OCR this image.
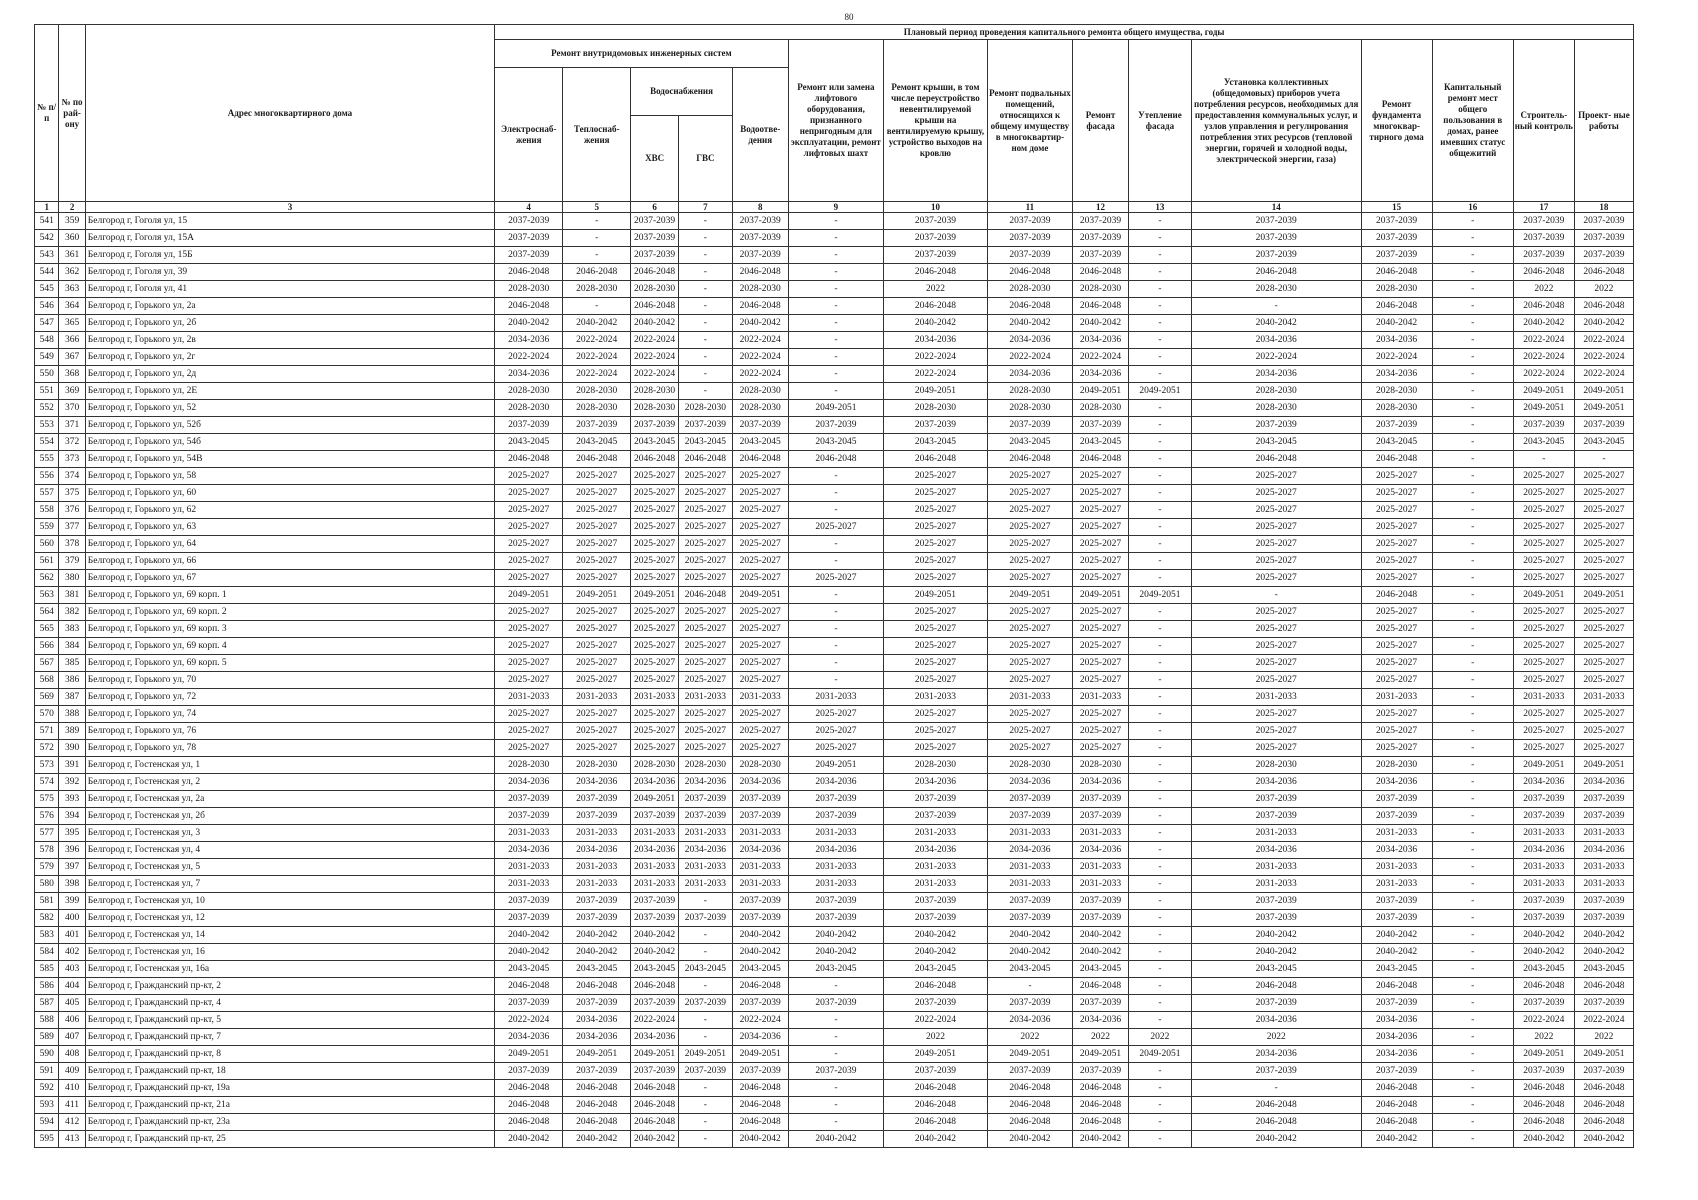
80
№ п/п	№ по рай- ону	Адрес многоквартирного дома	Плановый период проведения капитального ремонта общего имущества, годы														
			Ремонт внутридомовых инженерных систем					Ремонт или замена лифтового оборудования, признанного непригодным для эксплуатации, ремонт лифтовых шахт	Ремонт крыши, в том числе переустройство невентилируемой крыши на вентилируемую крышу, устройство выходов на кровлю	Ремонт подвальных помещений, относящихся к общему имуществу в многоквартир- ном доме	Ремонт фасада	Утепление фасада	Установка коллективных (общедомовых) приборов учета потребления ресурсов, необходимых для предоставления коммунальных услуг, и узлов управления и регулирования потребления этих ресурсов (тепловой энергии, горячей и холодной воды, электрической энергии, газа)	Ремонт фундамента многоквар- тирного дома	Капитальный ремонт мест общего пользования в домах, ранее имевших статус общежитий	Строитель- ный контроль	Проект- ные работы
			Электроснаб- жения	Теплоснаб- жения	Водоснабжения		Водоотве- дения										
					ХВС	ГВС											
1	2	3	4	5	6	7	8	9	10	11	12	13	14	15	16	17	18
541	359	Белгород г, Гоголя ул, 15	2037-2039	-	2037-2039	-	2037-2039	-	2037-2039	2037-2039	2037-2039	-	2037-2039	2037-2039	-	2037-2039	2037-2039
542	360	Белгород г, Гоголя ул, 15А	2037-2039	-	2037-2039	-	2037-2039	-	2037-2039	2037-2039	2037-2039	-	2037-2039	2037-2039	-	2037-2039	2037-2039
543	361	Белгород г, Гоголя ул, 15Б	2037-2039	-	2037-2039	-	2037-2039	-	2037-2039	2037-2039	2037-2039	-	2037-2039	2037-2039	-	2037-2039	2037-2039
544	362	Белгород г, Гоголя ул, 39	2046-2048	2046-2048	2046-2048	-	2046-2048	-	2046-2048	2046-2048	2046-2048	-	2046-2048	2046-2048	-	2046-2048	2046-2048
545	363	Белгород г, Гоголя ул, 41	2028-2030	2028-2030	2028-2030	-	2028-2030	-	2022	2028-2030	2028-2030	-	2028-2030	2028-2030	-	2022	2022
546	364	Белгород г, Горького ул, 2а	2046-2048	-	2046-2048	-	2046-2048	-	2046-2048	2046-2048	2046-2048	-	-	2046-2048	-	2046-2048	2046-2048
547	365	Белгород г, Горького ул, 2б	2040-2042	2040-2042	2040-2042	-	2040-2042	-	2040-2042	2040-2042	2040-2042	-	2040-2042	2040-2042	-	2040-2042	2040-2042
548	366	Белгород г, Горького ул, 2в	2034-2036	2022-2024	2022-2024	-	2022-2024	-	2034-2036	2034-2036	2034-2036	-	2034-2036	2034-2036	-	2022-2024	2022-2024
549	367	Белгород г, Горького ул, 2г	2022-2024	2022-2024	2022-2024	-	2022-2024	-	2022-2024	2022-2024	2022-2024	-	2022-2024	2022-2024	-	2022-2024	2022-2024
550	368	Белгород г, Горького ул, 2д	2034-2036	2022-2024	2022-2024	-	2022-2024	-	2022-2024	2034-2036	2034-2036	-	2034-2036	2034-2036	-	2022-2024	2022-2024
551	369	Белгород г, Горького ул, 2Е	2028-2030	2028-2030	2028-2030	-	2028-2030	-	2049-2051	2028-2030	2049-2051	2049-2051	2028-2030	2028-2030	-	2049-2051	2049-2051
552	370	Белгород г, Горького ул, 52	2028-2030	2028-2030	2028-2030	2028-2030	2028-2030	2049-2051	2028-2030	2028-2030	2028-2030	-	2028-2030	2028-2030	-	2049-2051	2049-2051
553	371	Белгород г, Горького ул, 52б	2037-2039	2037-2039	2037-2039	2037-2039	2037-2039	2037-2039	2037-2039	2037-2039	2037-2039	-	2037-2039	2037-2039	-	2037-2039	2037-2039
554	372	Белгород г, Горького ул, 54б	2043-2045	2043-2045	2043-2045	2043-2045	2043-2045	2043-2045	2043-2045	2043-2045	2043-2045	-	2043-2045	2043-2045	-	2043-2045	2043-2045
555	373	Белгород г, Горького ул, 54В	2046-2048	2046-2048	2046-2048	2046-2048	2046-2048	2046-2048	2046-2048	2046-2048	2046-2048	-	2046-2048	2046-2048	-	-	-
556	374	Белгород г, Горького ул, 58	2025-2027	2025-2027	2025-2027	2025-2027	2025-2027	-	2025-2027	2025-2027	2025-2027	-	2025-2027	2025-2027	-	2025-2027	2025-2027
557	375	Белгород г, Горького ул, 60	2025-2027	2025-2027	2025-2027	2025-2027	2025-2027	-	2025-2027	2025-2027	2025-2027	-	2025-2027	2025-2027	-	2025-2027	2025-2027
558	376	Белгород г, Горького ул, 62	2025-2027	2025-2027	2025-2027	2025-2027	2025-2027	-	2025-2027	2025-2027	2025-2027	-	2025-2027	2025-2027	-	2025-2027	2025-2027
559	377	Белгород г, Горького ул, 63	2025-2027	2025-2027	2025-2027	2025-2027	2025-2027	2025-2027	2025-2027	2025-2027	2025-2027	-	2025-2027	2025-2027	-	2025-2027	2025-2027
560	378	Белгород г, Горького ул, 64	2025-2027	2025-2027	2025-2027	2025-2027	2025-2027	-	2025-2027	2025-2027	2025-2027	-	2025-2027	2025-2027	-	2025-2027	2025-2027
561	379	Белгород г, Горького ул, 66	2025-2027	2025-2027	2025-2027	2025-2027	2025-2027	-	2025-2027	2025-2027	2025-2027	-	2025-2027	2025-2027	-	2025-2027	2025-2027
562	380	Белгород г, Горького ул, 67	2025-2027	2025-2027	2025-2027	2025-2027	2025-2027	2025-2027	2025-2027	2025-2027	2025-2027	-	2025-2027	2025-2027	-	2025-2027	2025-2027
563	381	Белгород г, Горького ул, 69 корп. 1	2049-2051	2049-2051	2049-2051	2046-2048	2049-2051	-	2049-2051	2049-2051	2049-2051	2049-2051	-	2046-2048	-	2049-2051	2049-2051
564	382	Белгород г, Горького ул, 69 корп. 2	2025-2027	2025-2027	2025-2027	2025-2027	2025-2027	-	2025-2027	2025-2027	2025-2027	-	2025-2027	2025-2027	-	2025-2027	2025-2027
565	383	Белгород г, Горького ул, 69 корп. 3	2025-2027	2025-2027	2025-2027	2025-2027	2025-2027	-	2025-2027	2025-2027	2025-2027	-	2025-2027	2025-2027	-	2025-2027	2025-2027
566	384	Белгород г, Горького ул, 69 корп. 4	2025-2027	2025-2027	2025-2027	2025-2027	2025-2027	-	2025-2027	2025-2027	2025-2027	-	2025-2027	2025-2027	-	2025-2027	2025-2027
567	385	Белгород г, Горького ул, 69 корп. 5	2025-2027	2025-2027	2025-2027	2025-2027	2025-2027	-	2025-2027	2025-2027	2025-2027	-	2025-2027	2025-2027	-	2025-2027	2025-2027
568	386	Белгород г, Горького ул, 70	2025-2027	2025-2027	2025-2027	2025-2027	2025-2027	-	2025-2027	2025-2027	2025-2027	-	2025-2027	2025-2027	-	2025-2027	2025-2027
569	387	Белгород г, Горького ул, 72	2031-2033	2031-2033	2031-2033	2031-2033	2031-2033	2031-2033	2031-2033	2031-2033	2031-2033	-	2031-2033	2031-2033	-	2031-2033	2031-2033
570	388	Белгород г, Горького ул, 74	2025-2027	2025-2027	2025-2027	2025-2027	2025-2027	2025-2027	2025-2027	2025-2027	2025-2027	-	2025-2027	2025-2027	-	2025-2027	2025-2027
571	389	Белгород г, Горького ул, 76	2025-2027	2025-2027	2025-2027	2025-2027	2025-2027	2025-2027	2025-2027	2025-2027	2025-2027	-	2025-2027	2025-2027	-	2025-2027	2025-2027
572	390	Белгород г, Горького ул, 78	2025-2027	2025-2027	2025-2027	2025-2027	2025-2027	2025-2027	2025-2027	2025-2027	2025-2027	-	2025-2027	2025-2027	-	2025-2027	2025-2027
573	391	Белгород г, Гостенская ул, 1	2028-2030	2028-2030	2028-2030	2028-2030	2028-2030	2049-2051	2028-2030	2028-2030	2028-2030	-	2028-2030	2028-2030	-	2049-2051	2049-2051
574	392	Белгород г, Гостенская ул, 2	2034-2036	2034-2036	2034-2036	2034-2036	2034-2036	2034-2036	2034-2036	2034-2036	2034-2036	-	2034-2036	2034-2036	-	2034-2036	2034-2036
575	393	Белгород г, Гостенская ул, 2а	2037-2039	2037-2039	2049-2051	2037-2039	2037-2039	2037-2039	2037-2039	2037-2039	2037-2039	-	2037-2039	2037-2039	-	2037-2039	2037-2039
576	394	Белгород г, Гостенская ул, 2б	2037-2039	2037-2039	2037-2039	2037-2039	2037-2039	2037-2039	2037-2039	2037-2039	2037-2039	-	2037-2039	2037-2039	-	2037-2039	2037-2039
577	395	Белгород г, Гостенская ул, 3	2031-2033	2031-2033	2031-2033	2031-2033	2031-2033	2031-2033	2031-2033	2031-2033	2031-2033	-	2031-2033	2031-2033	-	2031-2033	2031-2033
578	396	Белгород г, Гостенская ул, 4	2034-2036	2034-2036	2034-2036	2034-2036	2034-2036	2034-2036	2034-2036	2034-2036	2034-2036	-	2034-2036	2034-2036	-	2034-2036	2034-2036
579	397	Белгород г, Гостенская ул, 5	2031-2033	2031-2033	2031-2033	2031-2033	2031-2033	2031-2033	2031-2033	2031-2033	2031-2033	-	2031-2033	2031-2033	-	2031-2033	2031-2033
580	398	Белгород г, Гостенская ул, 7	2031-2033	2031-2033	2031-2033	2031-2033	2031-2033	2031-2033	2031-2033	2031-2033	2031-2033	-	2031-2033	2031-2033	-	2031-2033	2031-2033
581	399	Белгород г, Гостенская ул, 10	2037-2039	2037-2039	2037-2039	-	2037-2039	2037-2039	2037-2039	2037-2039	2037-2039	-	2037-2039	2037-2039	-	2037-2039	2037-2039
582	400	Белгород г, Гостенская ул, 12	2037-2039	2037-2039	2037-2039	2037-2039	2037-2039	2037-2039	2037-2039	2037-2039	2037-2039	-	2037-2039	2037-2039	-	2037-2039	2037-2039
583	401	Белгород г, Гостенская ул, 14	2040-2042	2040-2042	2040-2042	-	2040-2042	2040-2042	2040-2042	2040-2042	2040-2042	-	2040-2042	2040-2042	-	2040-2042	2040-2042
584	402	Белгород г, Гостенская ул, 16	2040-2042	2040-2042	2040-2042	-	2040-2042	2040-2042	2040-2042	2040-2042	2040-2042	-	2040-2042	2040-2042	-	2040-2042	2040-2042
585	403	Белгород г, Гостенская ул, 16а	2043-2045	2043-2045	2043-2045	2043-2045	2043-2045	2043-2045	2043-2045	2043-2045	2043-2045	-	2043-2045	2043-2045	-	2043-2045	2043-2045
586	404	Белгород г, Гражданский пр-кт, 2	2046-2048	2046-2048	2046-2048	-	2046-2048	-	2046-2048	-	2046-2048	-	2046-2048	2046-2048	-	2046-2048	2046-2048
587	405	Белгород г, Гражданский пр-кт, 4	2037-2039	2037-2039	2037-2039	2037-2039	2037-2039	2037-2039	2037-2039	2037-2039	2037-2039	-	2037-2039	2037-2039	-	2037-2039	2037-2039
588	406	Белгород г, Гражданский пр-кт, 5	2022-2024	2034-2036	2022-2024	-	2022-2024	-	2022-2024	2034-2036	2034-2036	-	2034-2036	2034-2036	-	2022-2024	2022-2024
589	407	Белгород г, Гражданский пр-кт, 7	2034-2036	2034-2036	2034-2036	-	2034-2036	-	2022	2022	2022	2022	2022	2034-2036	-	2022	2022
590	408	Белгород г, Гражданский пр-кт, 8	2049-2051	2049-2051	2049-2051	2049-2051	2049-2051	-	2049-2051	2049-2051	2049-2051	2049-2051	2034-2036	2034-2036	-	2049-2051	2049-2051
591	409	Белгород г, Гражданский пр-кт, 18	2037-2039	2037-2039	2037-2039	2037-2039	2037-2039	2037-2039	2037-2039	2037-2039	2037-2039	-	2037-2039	2037-2039	-	2037-2039	2037-2039
592	410	Белгород г, Гражданский пр-кт, 19а	2046-2048	2046-2048	2046-2048	-	2046-2048	-	2046-2048	2046-2048	2046-2048	-	-	2046-2048	-	2046-2048	2046-2048
593	411	Белгород г, Гражданский пр-кт, 21а	2046-2048	2046-2048	2046-2048	-	2046-2048	-	2046-2048	2046-2048	2046-2048	-	2046-2048	2046-2048	-	2046-2048	2046-2048
594	412	Белгород г, Гражданский пр-кт, 23а	2046-2048	2046-2048	2046-2048	-	2046-2048	-	2046-2048	2046-2048	2046-2048	-	2046-2048	2046-2048	-	2046-2048	2046-2048
595	413	Белгород г, Гражданский пр-кт, 25	2040-2042	2040-2042	2040-2042	-	2040-2042	2040-2042	2040-2042	2040-2042	2040-2042	-	2040-2042	2040-2042	-	2040-2042	2040-2042
